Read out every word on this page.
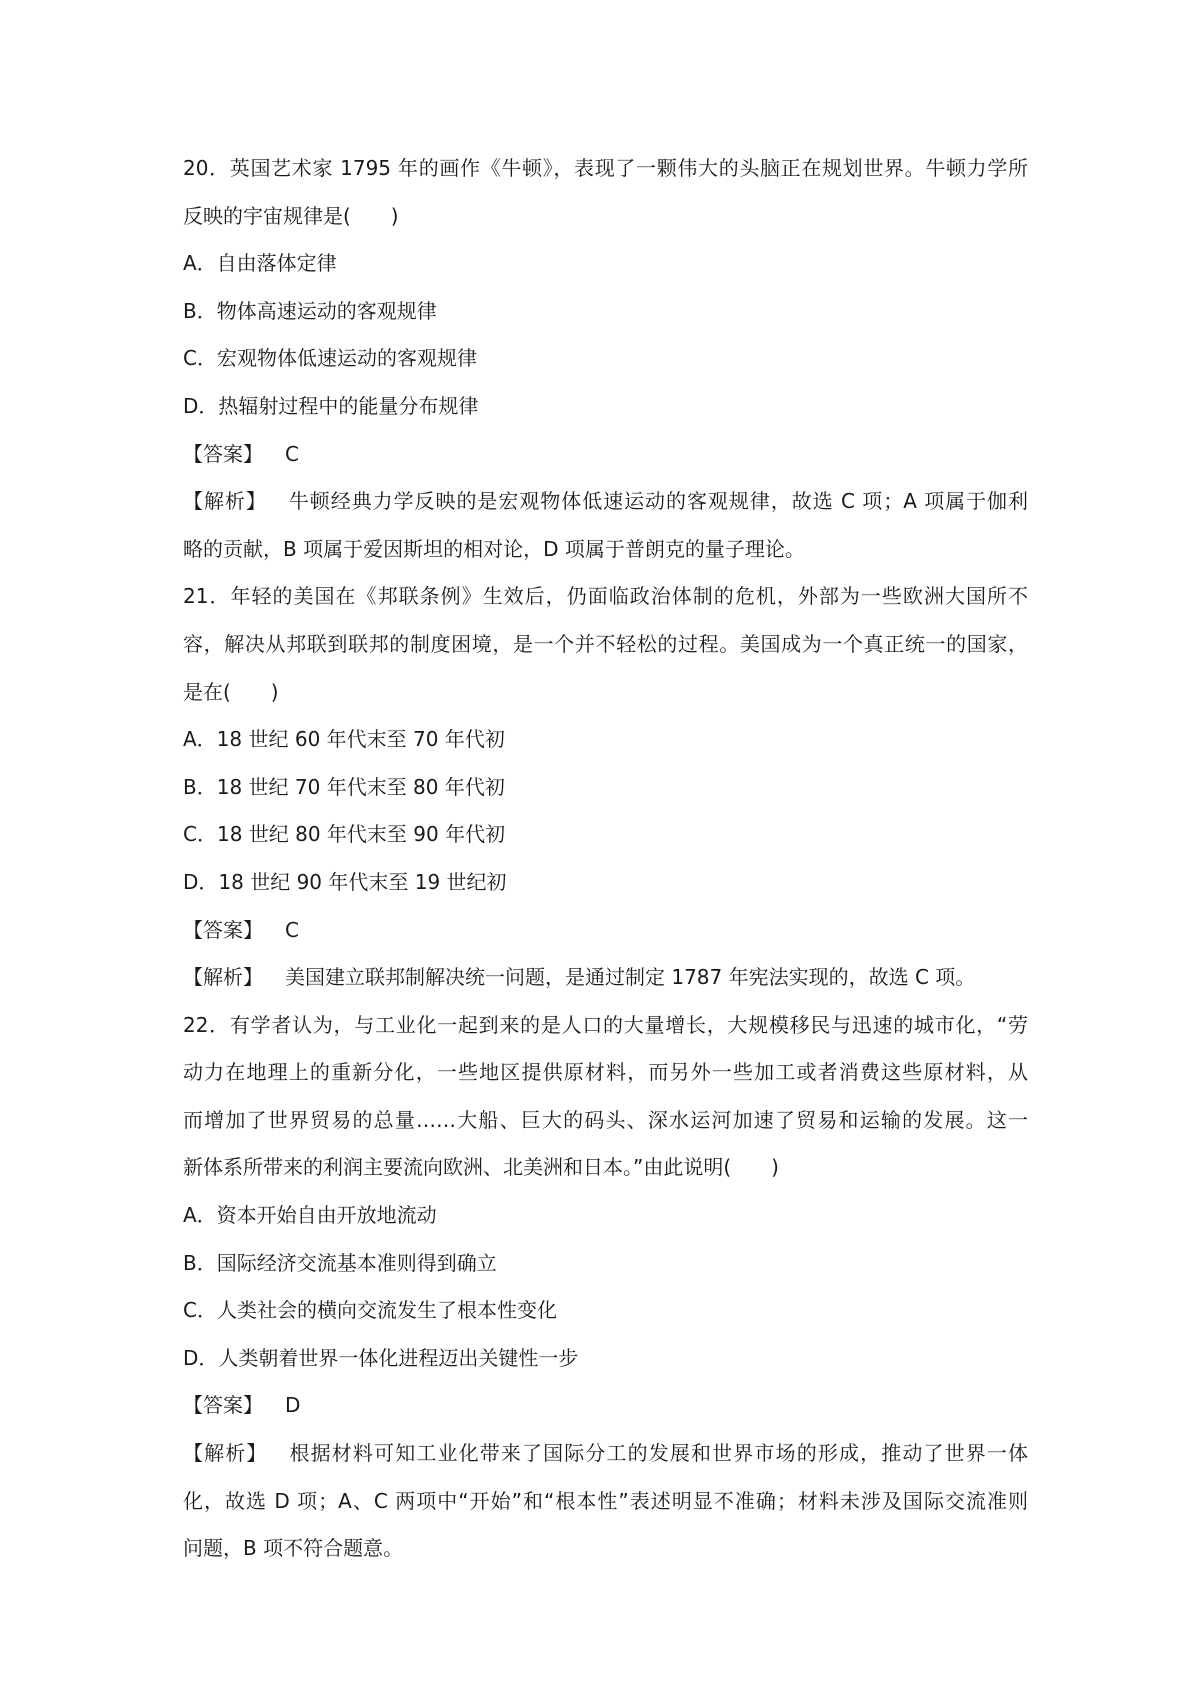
20．英国艺术家 1795 年的画作《牛顿》，表现了一颗伟大的头脑正在规划世界。牛顿力学所
反映的宇宙规律是(　　)
A．自由落体定律
B．物体高速运动的客观规律
C．宏观物体低速运动的客观规律
D．热辐射过程中的能量分布规律
【答案】 C
【解析】 牛顿经典力学反映的是宏观物体低速运动的客观规律，故选 C 项；A 项属于伽利
略的贡献，B 项属于爱因斯坦的相对论，D 项属于普朗克的量子理论。
21．年轻的美国在《邦联条例》生效后，仍面临政治体制的危机，外部为一些欧洲大国所不
容，解决从邦联到联邦的制度困境，是一个并不轻松的过程。美国成为一个真正统一的国家，
是在(　　)
A．18 世纪 60 年代末至 70 年代初
B．18 世纪 70 年代末至 80 年代初
C．18 世纪 80 年代末至 90 年代初
D．18 世纪 90 年代末至 19 世纪初
【答案】 C
【解析】 美国建立联邦制解决统一问题，是通过制定 1787 年宪法实现的，故选 C 项。
22．有学者认为，与工业化一起到来的是人口的大量增长，大规模移民与迅速的城市化，“劳
动力在地理上的重新分化，一些地区提供原材料，而另外一些加工或者消费这些原材料，从
而增加了世界贸易的总量……大船、巨大的码头、深水运河加速了贸易和运输的发展。这一
新体系所带来的利润主要流向欧洲、北美洲和日本。”由此说明(　　)
A．资本开始自由开放地流动
B．国际经济交流基本准则得到确立
C．人类社会的横向交流发生了根本性变化
D．人类朝着世界一体化进程迈出关键性一步
【答案】 D
【解析】 根据材料可知工业化带来了国际分工的发展和世界市场的形成，推动了世界一体
化，故选 D 项；A、C 两项中“开始”和“根本性”表述明显不准确；材料未涉及国际交流准则
问题，B 项不符合题意。
